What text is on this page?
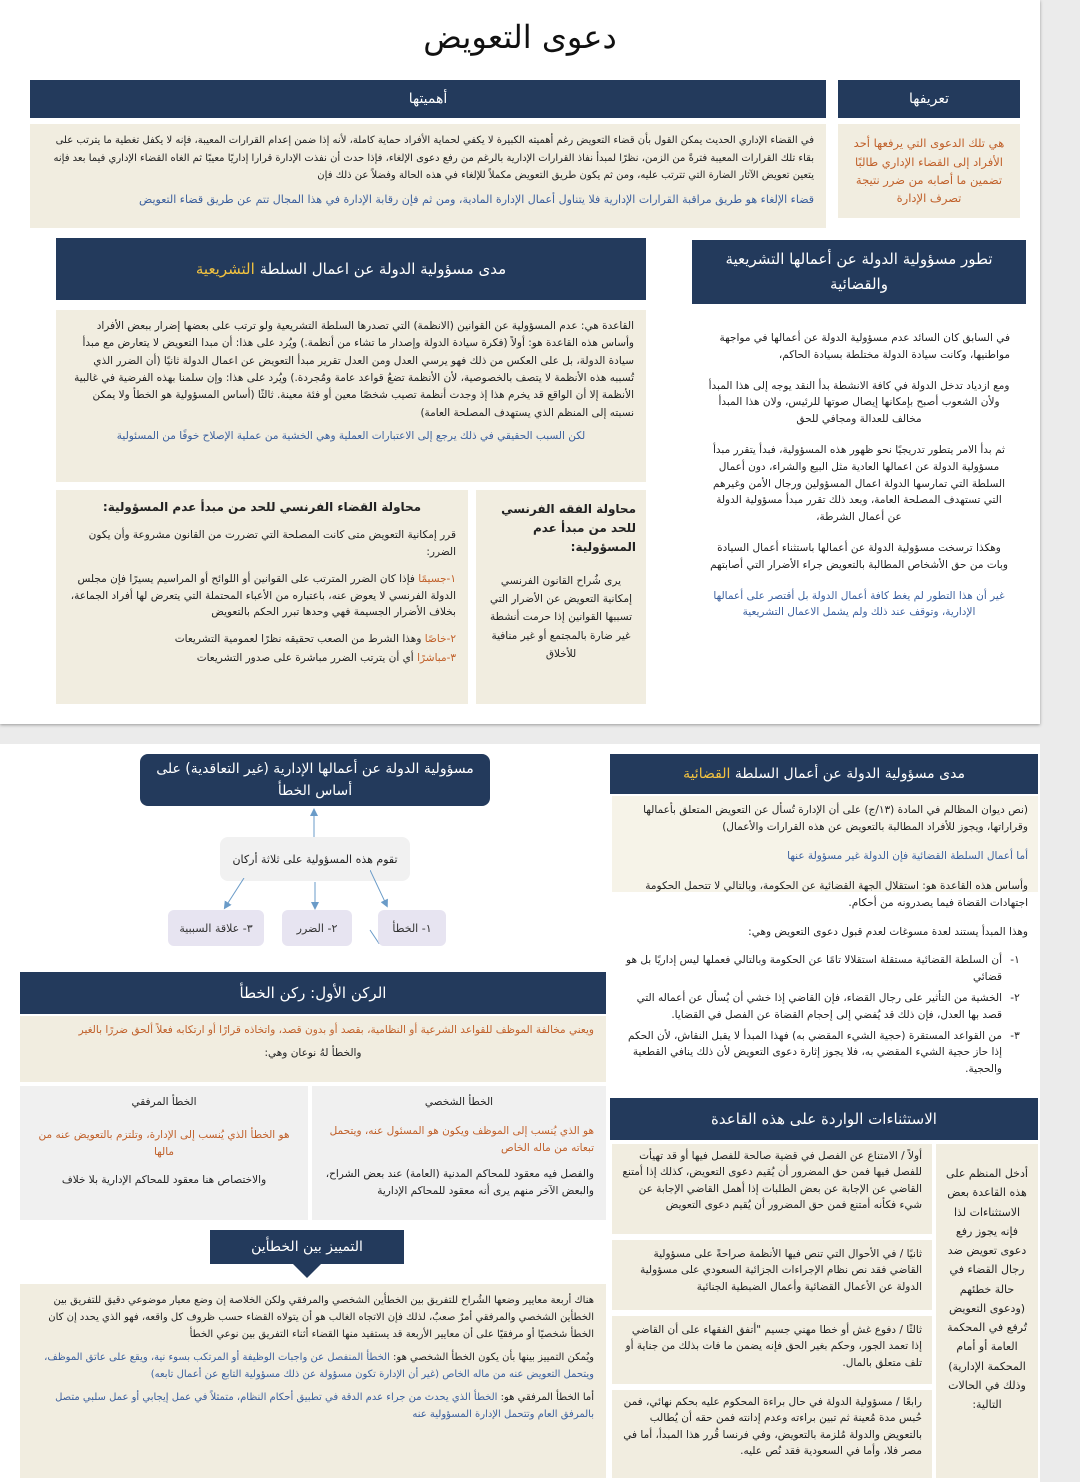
دعوى التعويض
تعريفها
هي تلك الدعوى التي يرفعها أحد الأفراد إلى القضاء الإداري طالبًا تضمين ما أصابه من ضرر نتيجة تصرف الإدارة
أهميتها

في القضاء الإداري الحديث يمكن القول بأن قضاء التعويض رغم أهميته الكبيرة لا يكفي لحماية الأفراد حماية كاملة، لأنه إذا ضمن إعدام القرارات المعيبة، فإنه لا يكفل تغطية ما يترتب على بقاء تلك القرارات المعيبة فترةً من الزمن، نظرًا لمبدأ نفاذ القرارات الإدارية بالرغم من رفع دعوى الإلغاء، فإذا حدث أن نفذت الإدارة قرارا إداريًا معيبًا ثم الغاه القضاء الإداري فيما بعد فإنه يتعين تعويض الآثار الضارة التي تترتب عليه، ومن ثم يكون طريق التعويض مكملاً للإلغاء في هذه الحالة وفضلاً عن ذلك فإن

قضاء الإلغاء هو طريق مراقبة القرارات الإدارية فلا يتناول أعمال الإدارة المادية، ومن ثم فإن رقابة الإدارة في هذا المجال تتم عن طريق قضاء التعويض

تطور مسؤولية الدولة عن أعمالها التشريعية والقضائية

في السابق كان السائد عدم مسؤولية الدولة عن أعمالها في مواجهة مواطنيها، وكانت سيادة الدولة مختلطة بسيادة الحاكم،

ومع ازدياد تدخل الدولة في كافة الانشطة بدأ النقد يوجه إلى هذا المبدأ ولأن الشعوب أصبح بإمكانها إيصال صوتها للرئيس، ولان هذا المبدأ مخالف للعدالة ومجافي للحق

ثم بدأ الامر يتطور تدريجيًا نحو ظهور هذه المسؤولية، فبدأ يتقرر مبدأ مسؤولية الدولة عن اعمالها العادية مثل البيع والشراء، دون أعمال السلطة التي تمارسها الدولة اعمال المسؤولين ورجال الأمن وغيرهم التي تستهدف المصلحة العامة، وبعد ذلك تقرر مبدأ مسؤولية الدولة عن أعمال الشرطة،

وهكذا ترسخت مسؤولية الدولة عن أعمالها باستثناء أعمال السيادة وبات من حق الأشخاص المطالبة بالتعويض جراء الأضرار التي أصابتهم

غير أن هذا التطور لم يغط كافة أعمال الدولة بل أقتصر على أعمالها الإدارية، وتوقف عند ذلك ولم يشمل الاعمال التشريعية

مدى مسؤولية الدولة عن اعمال السلطة

التشريعية

القاعدة هي: عدم المسؤولية عن القوانين (الانظمة) التي تصدرها السلطة التشريعية ولو ترتب على بعضها إضرار ببعض الأفراد وأساس هذه القاعدة هو: أولاً (فكرة سيادة الدولة وإصدار ما تشاء من أنظمة.) ويُرد على هذا: أن مبدا التعويض لا يتعارض مع مبدأ سيادة الدولة، بل على العكس من ذلك فهو يرسي العدل ومن العدل تقرير مبدأ التعويض عن اعمال الدولة ثانيًا (أن الضرر الذي تُسببه هذه الأنظمة لا يتصف بالخصوصية، لأن الأنظمة تضعُ قواعد عامة ومُجردة.) ويُرد على هذا: وإن سلمنا بهذه الفرضية في غالبية الأنظمة إلا أن الواقع قد يخرم هذا إذ وجدت أنظمة تصيب شخصًا معين أو فئة معينة. ثالثًا (أساس المسؤولية هو الخطأ ولا يمكن نسبته إلى المنظم الذي يستهدف المصلحة العامة)

لكن السبب الحقيقي في ذلك يرجع إلى الاعتبارات العملية وهي الخشية من عملية الإصلاح خوفًا من المسئولية

محاولة الفقه الفرنسي للحد من مبدأ عدم المسؤولية:
يرى شُراح القانون الفرنسي إمكانية التعويض عن الأضرار التي تسببها القوانين إذا حرمت أنشطة غير ضارة بالمجتمع أو غير منافية للأخلاق
محاولة القضاء الفرنسي للحد من مبدأ عدم المسؤولية:

قرر إمكانية التعويض متى كانت المصلحة التي تضررت من القانون مشروعة وأن يكون الضرر:

١-جسيمًا فإذا كان الضرر المترتب على القوانين أو اللوائح أو المراسيم يسيرًا فإن مجلس الدولة الفرنسي لا يعوض عنه، باعتباره من الأعباء المحتملة التي يتعرض لها أفراد الجماعة، بخلاف الأضرار الجسيمة فهي وحدها تبرر الحكم بالتعويض

٢-خاصًا وهذا الشرط من الصعب تحقيقه نظرًا لعمومية التشريعات

٣-مباشرًا أي أن يترتب الضرر مباشرة على صدور التشريعات

مسؤولية الدولة عن أعمالها الإدارية (غير التعاقدية) على أساس الخطأ
تقوم هذه المسؤولية على ثلاثة أركان
١- الخطأ
٢- الضرر
٣- علاقة السببية
الركن الأول: ركن الخطأ

ويعني مخالفة الموظف للقواعد الشرعية أو النظامية، بقصد أو بدون قصد، واتخاذه قرارًا أو ارتكابه فعلاً ألحق ضررًا بالغير

والخطأ لهُ نوعان وهي:

الخطأ الشخصي

هو الذي يُنسب إلى الموظف ويكون هو المسئول عنه، ويتحمل تبعاته من ماله الخاص

والفصل فيه معقود للمحاكم المدنية (العامة) عند بعض الشراح، والبعض الآخر منهم يرى أنه معقود للمحاكم الإدارية

الخطأ المرفقي

هو الخطأ الذي يُنسب إلى الإدارة، وتلتزم بالتعويض عنه من مالها

والاختصاص هنا معقود للمحاكم الإدارية بلا خلاف

التمييز بين الخطأين

هناك أربعة معايير وضعها الشُراح للتفريق بين الخطأين الشخصي والمرفقي ولكن الخلاصة إن وضع معيار موضوعي دقيق للتفريق بين الخطأين الشخصي والمرفقي أمرٌ صعبٌ، لذلك فإن الاتجاه الغالب هو أن يتولاه القضاء حسب ظروف كل واقعه، فهو الذي يحدد إن كان الخطأ شخصيًا أو مرفقيًا على أن معايير الأربعة قد يستفيد منها القضاء أثناء التفريق بين نوعي الخطأ

ويُمكن التمييز بينها بأن يكون الخطأ الشخصي هو: الخطأ المنفصل عن واجبات الوظيفة أو المرتكب بسوء نية، ويقع على عاتق الموظف، ويتحمل التعويض عنه من ماله الخاص (غير أن الإدارة تكون مسؤولة عن ذلك مسؤولية التابع عن أعمال تابعه)

أما الخطأ المرفقي هو: الخطأ الذي يحدث من جراء عدم الدقة في تطبيق أحكام النظام، متمثلاً في عمل إيجابي أو عمل سلبي متصل بالمرفق العام وتتحمل الإدارة المسؤولية عنه

مدى مسؤولية الدولة عن أعمال السلطة

القضائية

(نص ديوان المظالم في المادة (١٣/ج) على أن الإدارة تُسأل عن التعويض المتعلق بأعمالها وقراراتها، ويجوز للأفراد المطالبة بالتعويض عن هذه القرارات والأعمال)

أما أعمال السلطة القضائية فإن الدولة غير مسؤولة عنها

وأساس هذه القاعدة هو: استقلال الجهة القضائية عن الحكومة، وبالتالي لا تتحمل الحكومة اجتهادات القضاة فيما يصدرونه من أحكام.

وهذا المبدأ يستند لعدة مسوغات لعدم قبول دعوى التعويض وهي:

١-
أن السلطة القضائية مستقلة استقلالا تامًا عن الحكومة وبالتالي فعملها ليس إداريًا بل هو قضائي
٢-
الخشية من التأثير على رجال القضاء، فإن القاضي إذا خشي أن يُسأل عن أعماله التي قصد بها العدل، فإن ذلك قد يُفضي إلى إحجام القضاة عن الفصل في القضايا.
٣-
من القواعد المستقرة (حجية الشيء المقضي به) فهذا المبدأ لا يقبل النقاش، لأن الحكم إذا حاز حجية الشيء المقضي به، فلا يجوز إثارة دعوى التعويض لأن ذلك ينافي القطعية والحجية.
الاستثناءات الواردة على هذه القاعدة
أدخل المنظم على هذه القاعدة بعض الاستثناءات لذا فإنه يجوز رفع دعوى تعويض ضد رجال القضاء في حالة خطئهم (ودعوى التعويض تُرفع في المحكمة العامة أو أمام المحكمة الإدارية) وذلك في الحالات التالية:

أولاً / الامتناع عن الفصل في قضية صالحة للفصل فيها أو قد تهيأت للفصل فيها فمن حق المضرور أن يُقيم دعوى التعويض، كذلك إذا أمتنع القاضي عن الإجابة عن بعض الطلبات إذا أهمل القاضي الإجابة عن شيء فكأنه أمتنع فمن حق المضرور أن يُقيم دعوى التعويض

ثانيًا / في الأحوال التي تنص فيها الأنظمة صراحةً على مسؤولية القاضي فقد نص نظام الإجراءات الجزائية السعودي على مسؤولية الدولة عن الأعمال القضائية وأعمال الضبطية الجنائية

ثالثًا / دفوع غش أو خطا مهني جسيم "أتفق الفقهاء على أن القاضي إذا تعمد الجور، وحكم بغير الحق فإنه يضمن ما فات بذلك من جناية أو تلف متعلق بالمال.

رابعًا / مسؤولية الدولة في حال براءة المحكوم عليه بحكم نهائي، فمن حُبس مدة مُعينة ثم تبين براءته وعدم إدانته فمن حقه أن يُطالب بالتعويض والدولة مُلزمة بالتعويض، وفي فرنسا قُرر هذا المبدأ، أما في مصر فلا، وأما في السعودية فقد نُص عليه.
